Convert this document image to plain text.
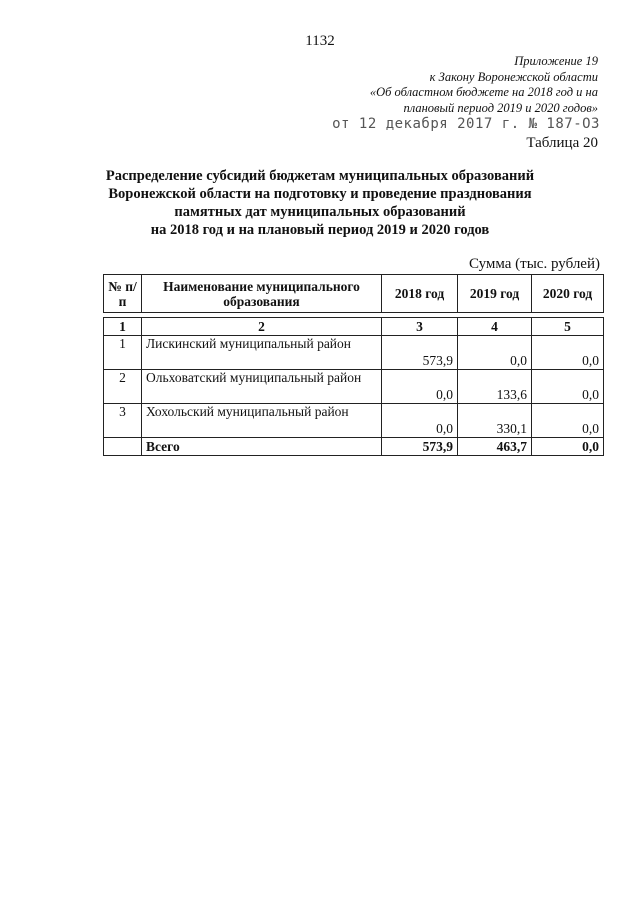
1132
Приложение 19
к Закону Воронежской области
«Об областном бюджете на 2018 год и на
плановый период 2019 и 2020 годов»
от 12 декабря 2017 г. № 187-ОЗ
Таблица 20
Распределение субсидий бюджетам муниципальных образований
Воронежской области на подготовку и проведение празднования
памятных дат муниципальных образований
на 2018 год и на плановый период 2019 и 2020 годов
Сумма (тыс. рублей)
№ п/п	Наименование муниципального образования	2018 год	2019 год	2020 год
1	2	3	4	5
1	Лискинский муниципальный район	573,9	0,0	0,0
2	Ольховатский муниципальный район	0,0	133,6	0,0
3	Хохольский муниципальный район	0,0	330,1	0,0
	Всего	573,9	463,7	0,0
